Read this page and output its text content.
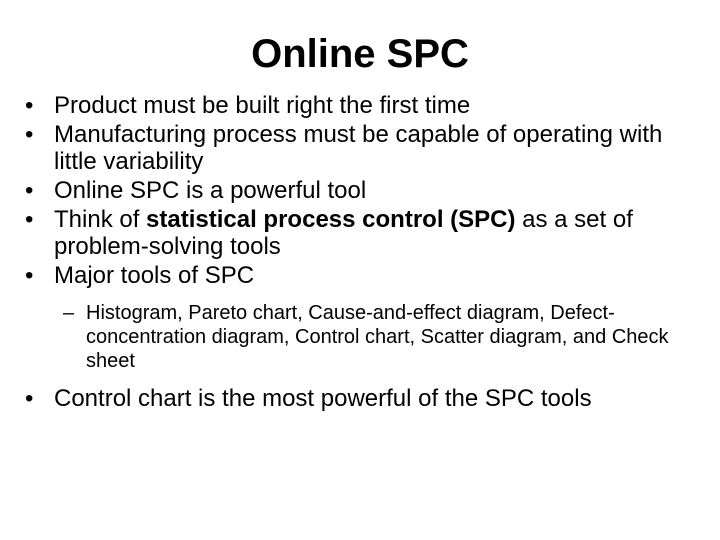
Online SPC
• Product must be built right the first time
• Manufacturing process must be capable of operating with little variability
• Online SPC is a powerful tool
• Think of statistical process control (SPC) as a set of problem-solving tools
• Major tools of SPC
– Histogram, Pareto chart, Cause-and-effect diagram, Defect-concentration diagram, Control chart, Scatter diagram, and Check sheet
• Control chart is the most powerful of the SPC tools
